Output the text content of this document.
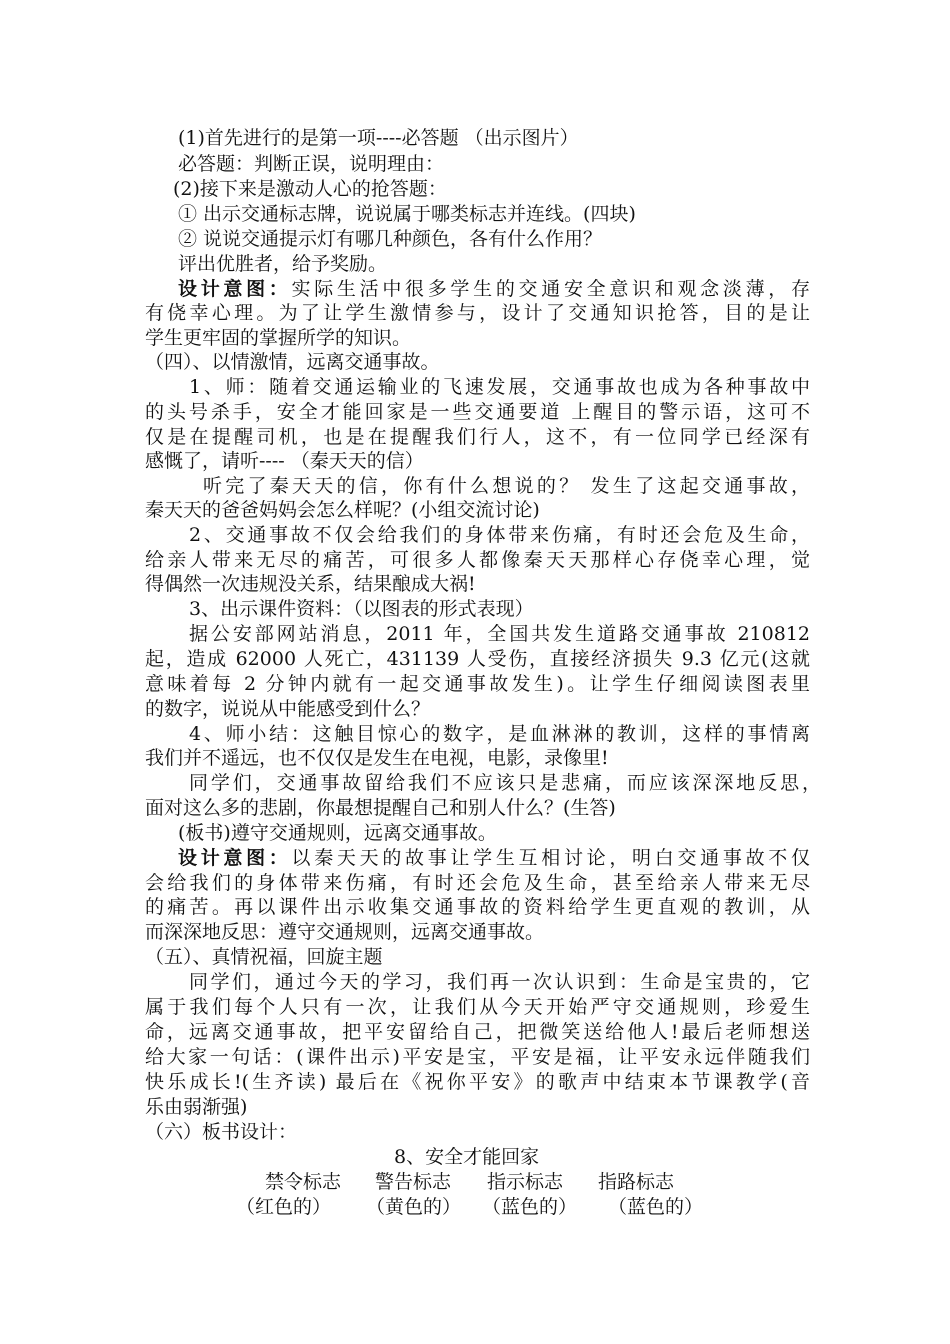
(1)首先进行的是第一项----必答题 （出示图片）
必答题：判断正误，说明理由：
(2)接下来是激动人心的抢答题：
① 出示交通标志牌，说说属于哪类标志并连线。(四块)
② 说说交通提示灯有哪几种颜色，各有什么作用？
评出优胜者，给予奖励。
设计意图：实际生活中很多学生的交通安全意识和观念淡薄，存
有侥幸心理。为了让学生激情参与，设计了交通知识抢答，目的是让
学生更牢固的掌握所学的知识。
（四）、以情激情，远离交通事故。
1、师：随着交通运输业的飞速发展，交通事故也成为各种事故中
的头号杀手，安全才能回家是一些交通要道 上醒目的警示语，这可不
仅是在提醒司机，也是在提醒我们行人，这不，有一位同学已经深有
感慨了，请听---- （秦天天的信）
听完了秦天天的信，你有什么想说的？ 发生了这起交通事故，
秦天天的爸爸妈妈会怎么样呢？(小组交流讨论)
2、交通事故不仅会给我们的身体带来伤痛，有时还会危及生命，
给亲人带来无尽的痛苦，可很多人都像秦天天那样心存侥幸心理，觉
得偶然一次违规没关系，结果酿成大祸!
3、出示课件资料：（以图表的形式表现）
据公安部网站消息，2011 年，全国共发生道路交通事故 210812
起，造成 62000 人死亡，431139 人受伤，直接经济损失 9.3 亿元(这就
意味着每 2 分钟内就有一起交通事故发生)。让学生仔细阅读图表里
的数字，说说从中能感受到什么？
4、师小结：这触目惊心的数字，是血淋淋的教训，这样的事情离
我们并不遥远，也不仅仅是发生在电视，电影，录像里!
同学们，交通事故留给我们不应该只是悲痛，而应该深深地反思，
面对这么多的悲剧，你最想提醒自己和别人什么？(生答)
(板书)遵守交通规则，远离交通事故。
设计意图：以秦天天的故事让学生互相讨论，明白交通事故不仅
会给我们的身体带来伤痛，有时还会危及生命，甚至给亲人带来无尽
的痛苦。再以课件出示收集交通事故的资料给学生更直观的教训，从
而深深地反思：遵守交通规则，远离交通事故。
（五）、真情祝福，回旋主题
同学们，通过今天的学习，我们再一次认识到：生命是宝贵的，它
属于我们每个人只有一次，让我们从今天开始严守交通规则，珍爱生
命，远离交通事故，把平安留给自己，把微笑送给他人!最后老师想送
给大家一句话：(课件出示)平安是宝，平安是福，让平安永远伴随我们
快乐成长!(生齐读) 最后在《祝你平安》的歌声中结束本节课教学(音
乐由弱渐强)
（六）板书设计：
8、安全才能回家
禁令标志 警告标志 指示标志 指路标志
（红色的） （黄色的） （蓝色的） （蓝色的）
